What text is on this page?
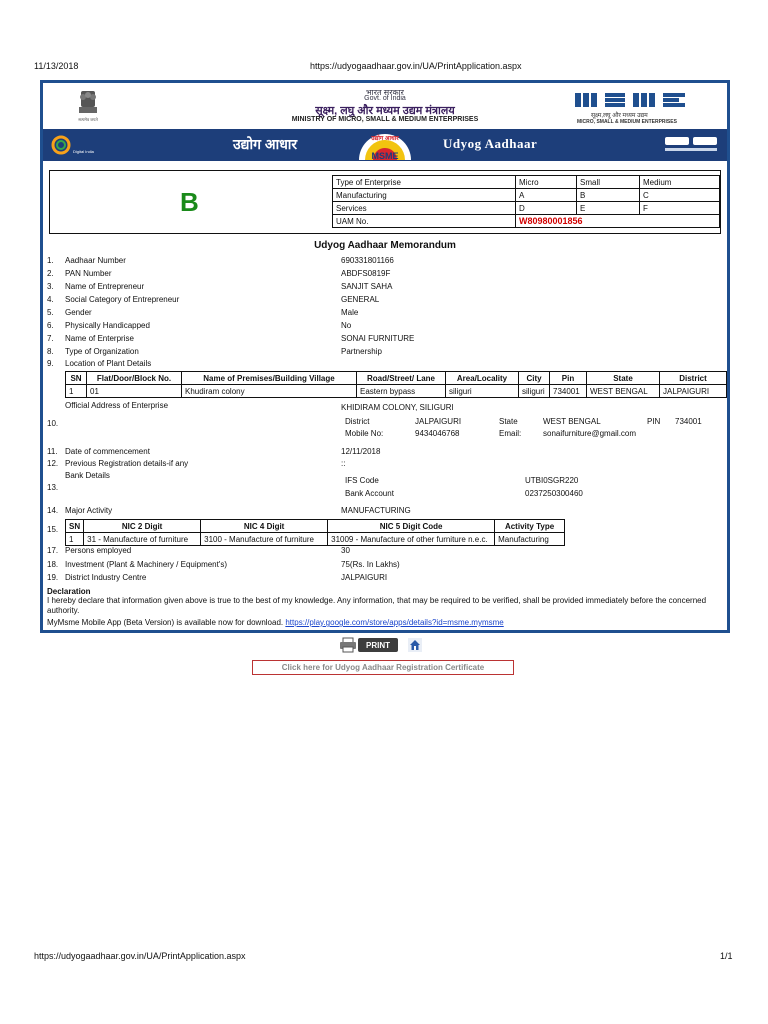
11/13/2018	https://udyogaadhaar.gov.in/UA/PrintApplication.aspx
सत्यमेव जयते
भारत सरकार
Govt. of India
सूक्ष्म, लघु और मध्यम उद्यम मंत्रालय
MINISTRY OF MICRO, SMALL & MEDIUM ENTERPRISES
msme
सूक्ष्म,लघु और मध्यम उद्यम
MICRO, SMALL & MEDIUM ENTERPRISES
Digital India	उद्योग आधार	उद्योग आधार
MSME
Udyog Aadhaar
B
Type of Enterprise	Micro	Small	Medium
Manufacturing	A	B	C
Services	D	E	F
UAM No.	W80980001856		
Udyog Aadhaar Memorandum
1. Aadhaar Number	690331801166
2. PAN Number	ABDFS0819F
3. Name of Entrepreneur	SANJIT SAHA
4. Social Category of Entrepreneur	GENERAL
5. Gender	Male
6. Physically Handicapped	No
7. Name of Enterprise	SONAI FURNITURE
8. Type of Organization	Partnership
9. Location of Plant Details
SN	Flat/Door/Block No.	Name of Premises/Building Village	Road/Street/ Lane	Area/Locality	City	Pin	State	District
1	01	Khudiram colony	Eastern bypass	siliguri	siliguri	734001	WEST BENGAL	JALPAIGURI
Official Address of Enterprise
10.
KHIDIRAM COLONY, SILIGURI
District	JALPAIGURI	State	WEST BENGAL	PIN 734001
Mobile No:	9434046768	Email:	sonaifurniture@gmail.com
11. Date of commencement	12/11/2018
12. Previous Registration details-if any	::
Bank Details
13.
IFS Code	UTBI0SGR220
Bank Account	0237250300460
14. Major Activity	MANUFACTURING
15. SN	NIC 2 Digit	NIC 4 Digit	NIC 5 Digit Code	Activity Type
1	31 - Manufacture of furniture	3100 - Manufacture of furniture	31009 - Manufacture of other furniture n.e.c.	Manufacturing
17. Persons employed	30
18. Investment (Plant & Machinery / Equipment's)	75(Rs. In Lakhs)
19. District Industry Centre	JALPAIGURI
Declaration
I hereby declare that information given above is true to the best of my knowledge. Any information, that may be required to be verified, shall be provided immediately before the concerned authority.
MyMsme Mobile App (Beta Version) is available now for download. https://play.google.com/store/apps/details?id=msme.mymsme
PRINT
Click here for Udyog Aadhaar Registration Certificate
https://udyogaadhaar.gov.in/UA/PrintApplication.aspx	1/1
